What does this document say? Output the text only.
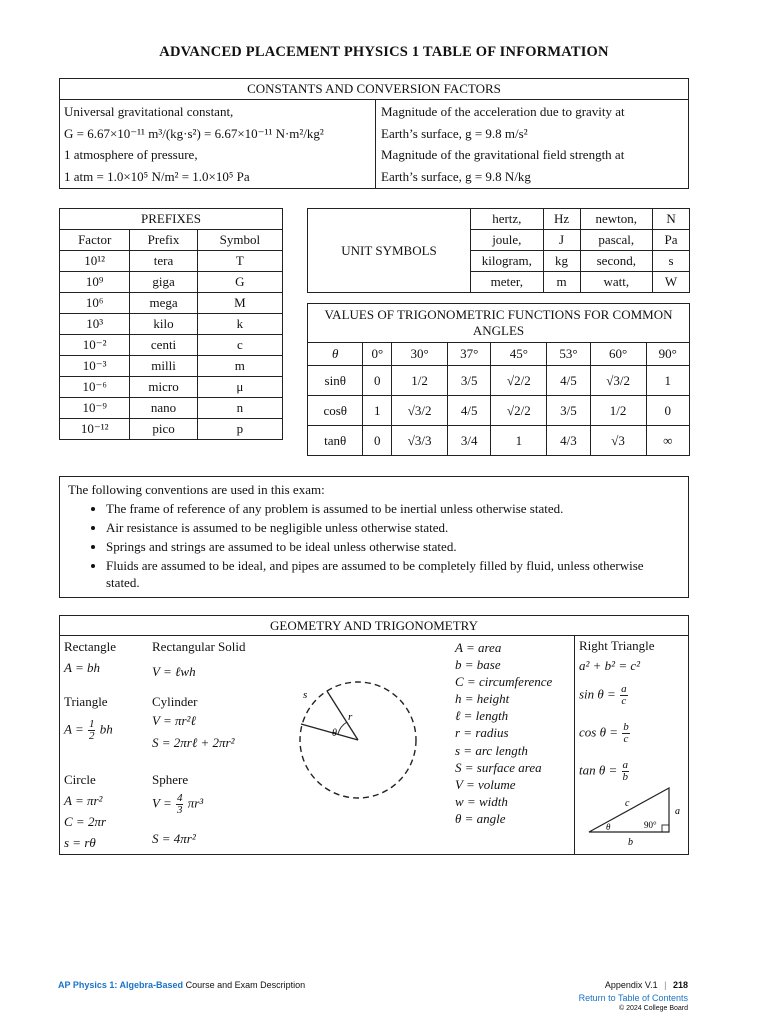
ADVANCED PLACEMENT PHYSICS 1 TABLE OF INFORMATION
CONSTANTS AND CONVERSION FACTORS
Universal gravitational constant,
G = 6.67×10⁻¹¹ m³/(kg·s²) = 6.67×10⁻¹¹ N·m²/kg²
1 atmosphere of pressure,
1 atm = 1.0×10⁵ N/m² = 1.0×10⁵ Pa
Magnitude of the acceleration due to gravity at
Earth’s surface, g = 9.8 m/s²
Magnitude of the gravitational field strength at
Earth’s surface, g = 9.8 N/kg
PREFIXES		
Factor	Prefix	Symbol
10¹²	tera	T
10⁹	giga	G
10⁶	mega	M
10³	kilo	k
10⁻²	centi	c
10⁻³	milli	m
10⁻⁶	micro	μ
10⁻⁹	nano	n
10⁻¹²	pico	p
UNIT SYMBOLS	hertz,	Hz	newton,	N
	joule,	J	pascal,	Pa
	kilogram,	kg	second,	s
	meter,	m	watt,	W
VALUES OF TRIGONOMETRIC FUNCTIONS FOR COMMON ANGLES							
θ	0°	30°	37°	45°	53°	60°	90°
sinθ	0	1/2	3/5	√2/2	4/5	√3/2	1
cosθ	1	√3/2	4/5	√2/2	3/5	1/2	0
tanθ	0	√3/3	3/4	1	4/3	√3	∞
The following conventions are used in this exam:
• The frame of reference of any problem is assumed to be inertial unless otherwise stated.
• Air resistance is assumed to be negligible unless otherwise stated.
• Springs and strings are assumed to be ideal unless otherwise stated.
• Fluids are assumed to be ideal, and pipes are assumed to be completely filled by fluid, unless otherwise stated.
GEOMETRY AND TRIGONOMETRY
Rectangle
A = bh
Rectangular Solid
V = ℓwh
Triangle
$A = \frac{1}{2}$ bh
Cylinder
V = πr²ℓ
S = 2πrℓ + 2πr²
Circle
A = πr²
C = 2πr
s = rθ
Sphere
$V = \frac{4}{3} \pi r^3$
S = 4πr²
s
r
θ
A = area
b = base
C = circumference
h = height
ℓ = length
r = radius
s = arc length
S = surface area
V = volume
w = width
θ = angle
Right Triangle
a² + b² = c²
$\sin \theta = \frac{a}{c}$
$\cos \theta = \frac{b}{c}$
$\tan \theta = \frac{a}{b}$
a
b
c
θ	90°
AP Physics 1: Algebra-Based Course and Exam Description	Appendix V.1 | 218
Return to Table of Contents
© 2024 College Board
